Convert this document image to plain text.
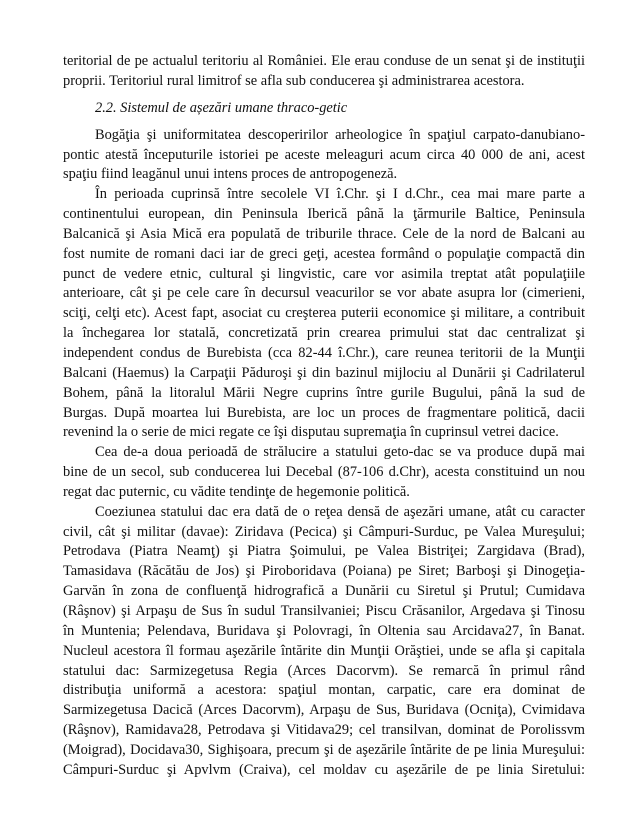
teritorial de pe actualul teritoriu al României. Ele erau conduse de un senat şi de instituţii
proprii. Teritoriul rural limitrof se afla sub conducerea şi administrarea acestora.
2.2. Sistemul de așezări umane thraco-getic
Bogăţia şi uniformitatea descoperirilor arheologice în spaţiul carpato-danubiano-
pontic atestă începuturile istoriei pe aceste meleaguri acum circa 40 000 de ani, acest
spaţiu fiind leagănul unui intens proces de antropogeneză.
În perioada cuprinsă între secolele VI î.Chr. şi I d.Chr., cea mai mare parte a
continentului european, din Peninsula Iberică până la ţărmurile Baltice, Peninsula
Balcanică şi Asia Mică era populată de triburile thrace. Cele de la nord de Balcani au
fost numite de romani daci iar de greci geţi, acestea formând o populaţie compactă din
punct de vedere etnic, cultural şi lingvistic, care vor asimila treptat atât populaţiile
anterioare, cât şi pe cele care în decursul veacurilor se vor abate asupra lor (cimerieni,
sciţi, celţi etc). Acest fapt, asociat cu creşterea puterii economice şi militare, a contribuit
la închegarea lor statală, concretizată prin crearea primului stat dac centralizat şi
independent condus de Burebista (cca 82-44 î.Chr.), care reunea teritorii de la Munţii
Balcani (Haemus) la Carpaţii Păduroşi şi din bazinul mijlociu al Dunării şi Cadrilaterul
Bohem, până la litoralul Mării Negre cuprins între gurile Bugului, până la sud de
Burgas. După moartea lui Burebista, are loc un proces de fragmentare politică, dacii
revenind la o serie de mici regate ce îşi disputau supremaţia în cuprinsul vetrei dacice.
Cea de-a doua perioadă de strălucire a statului geto-dac se va produce după mai
bine de un secol, sub conducerea lui Decebal (87-106 d.Chr), acesta constituind un nou
regat dac puternic, cu vădite tendinţe de hegemonie politică.
Coeziunea statului dac era dată de o reţea densă de aşezări umane, atât cu caracter
civil, cât şi militar (davae): Ziridava (Pecica) şi Câmpuri-Surduc, pe Valea Mureşului;
Petrodava (Piatra Neamţ) şi Piatra Şoimului, pe Valea Bistriţei; Zargidava (Brad),
Tamasidava (Răcătău de Jos) şi Piroboridava (Poiana) pe Siret; Barboşi şi Dinogeţia-
Garvăn în zona de confluenţă hidrografică a Dunării cu Siretul şi Prutul; Cumidava
(Râşnov) şi Arpaşu de Sus în sudul Transilvaniei; Piscu Crăsanilor, Argedava şi Tinosu
în Muntenia; Pelendava, Buridava şi Polovragi, în Oltenia sau Arcidava27, în Banat.
Nucleul acestora îl formau aşezările întărite din Munţii Orăştiei, unde se afla şi capitala
statului dac: Sarmizegetusa Regia (Arces Dacorvm). Se remarcă în primul rând
distribuţia uniformă a acestora: spaţiul montan, carpatic, care era dominat de
Sarmizegetusa Dacică (Arces Dacorvm), Arpaşu de Sus, Buridava (Ocniţa), Cvimidava
(Râşnov), Ramidava28, Petrodava şi Vitidava29; cel transilvan, dominat de Porolissvm
(Moigrad), Docidava30, Sighişoara, precum şi de aşezările întărite de pe linia Mureşului:
Câmpuri-Surduc şi Apvlvm (Craiva), cel moldav cu aşezările de pe linia Siretului:
